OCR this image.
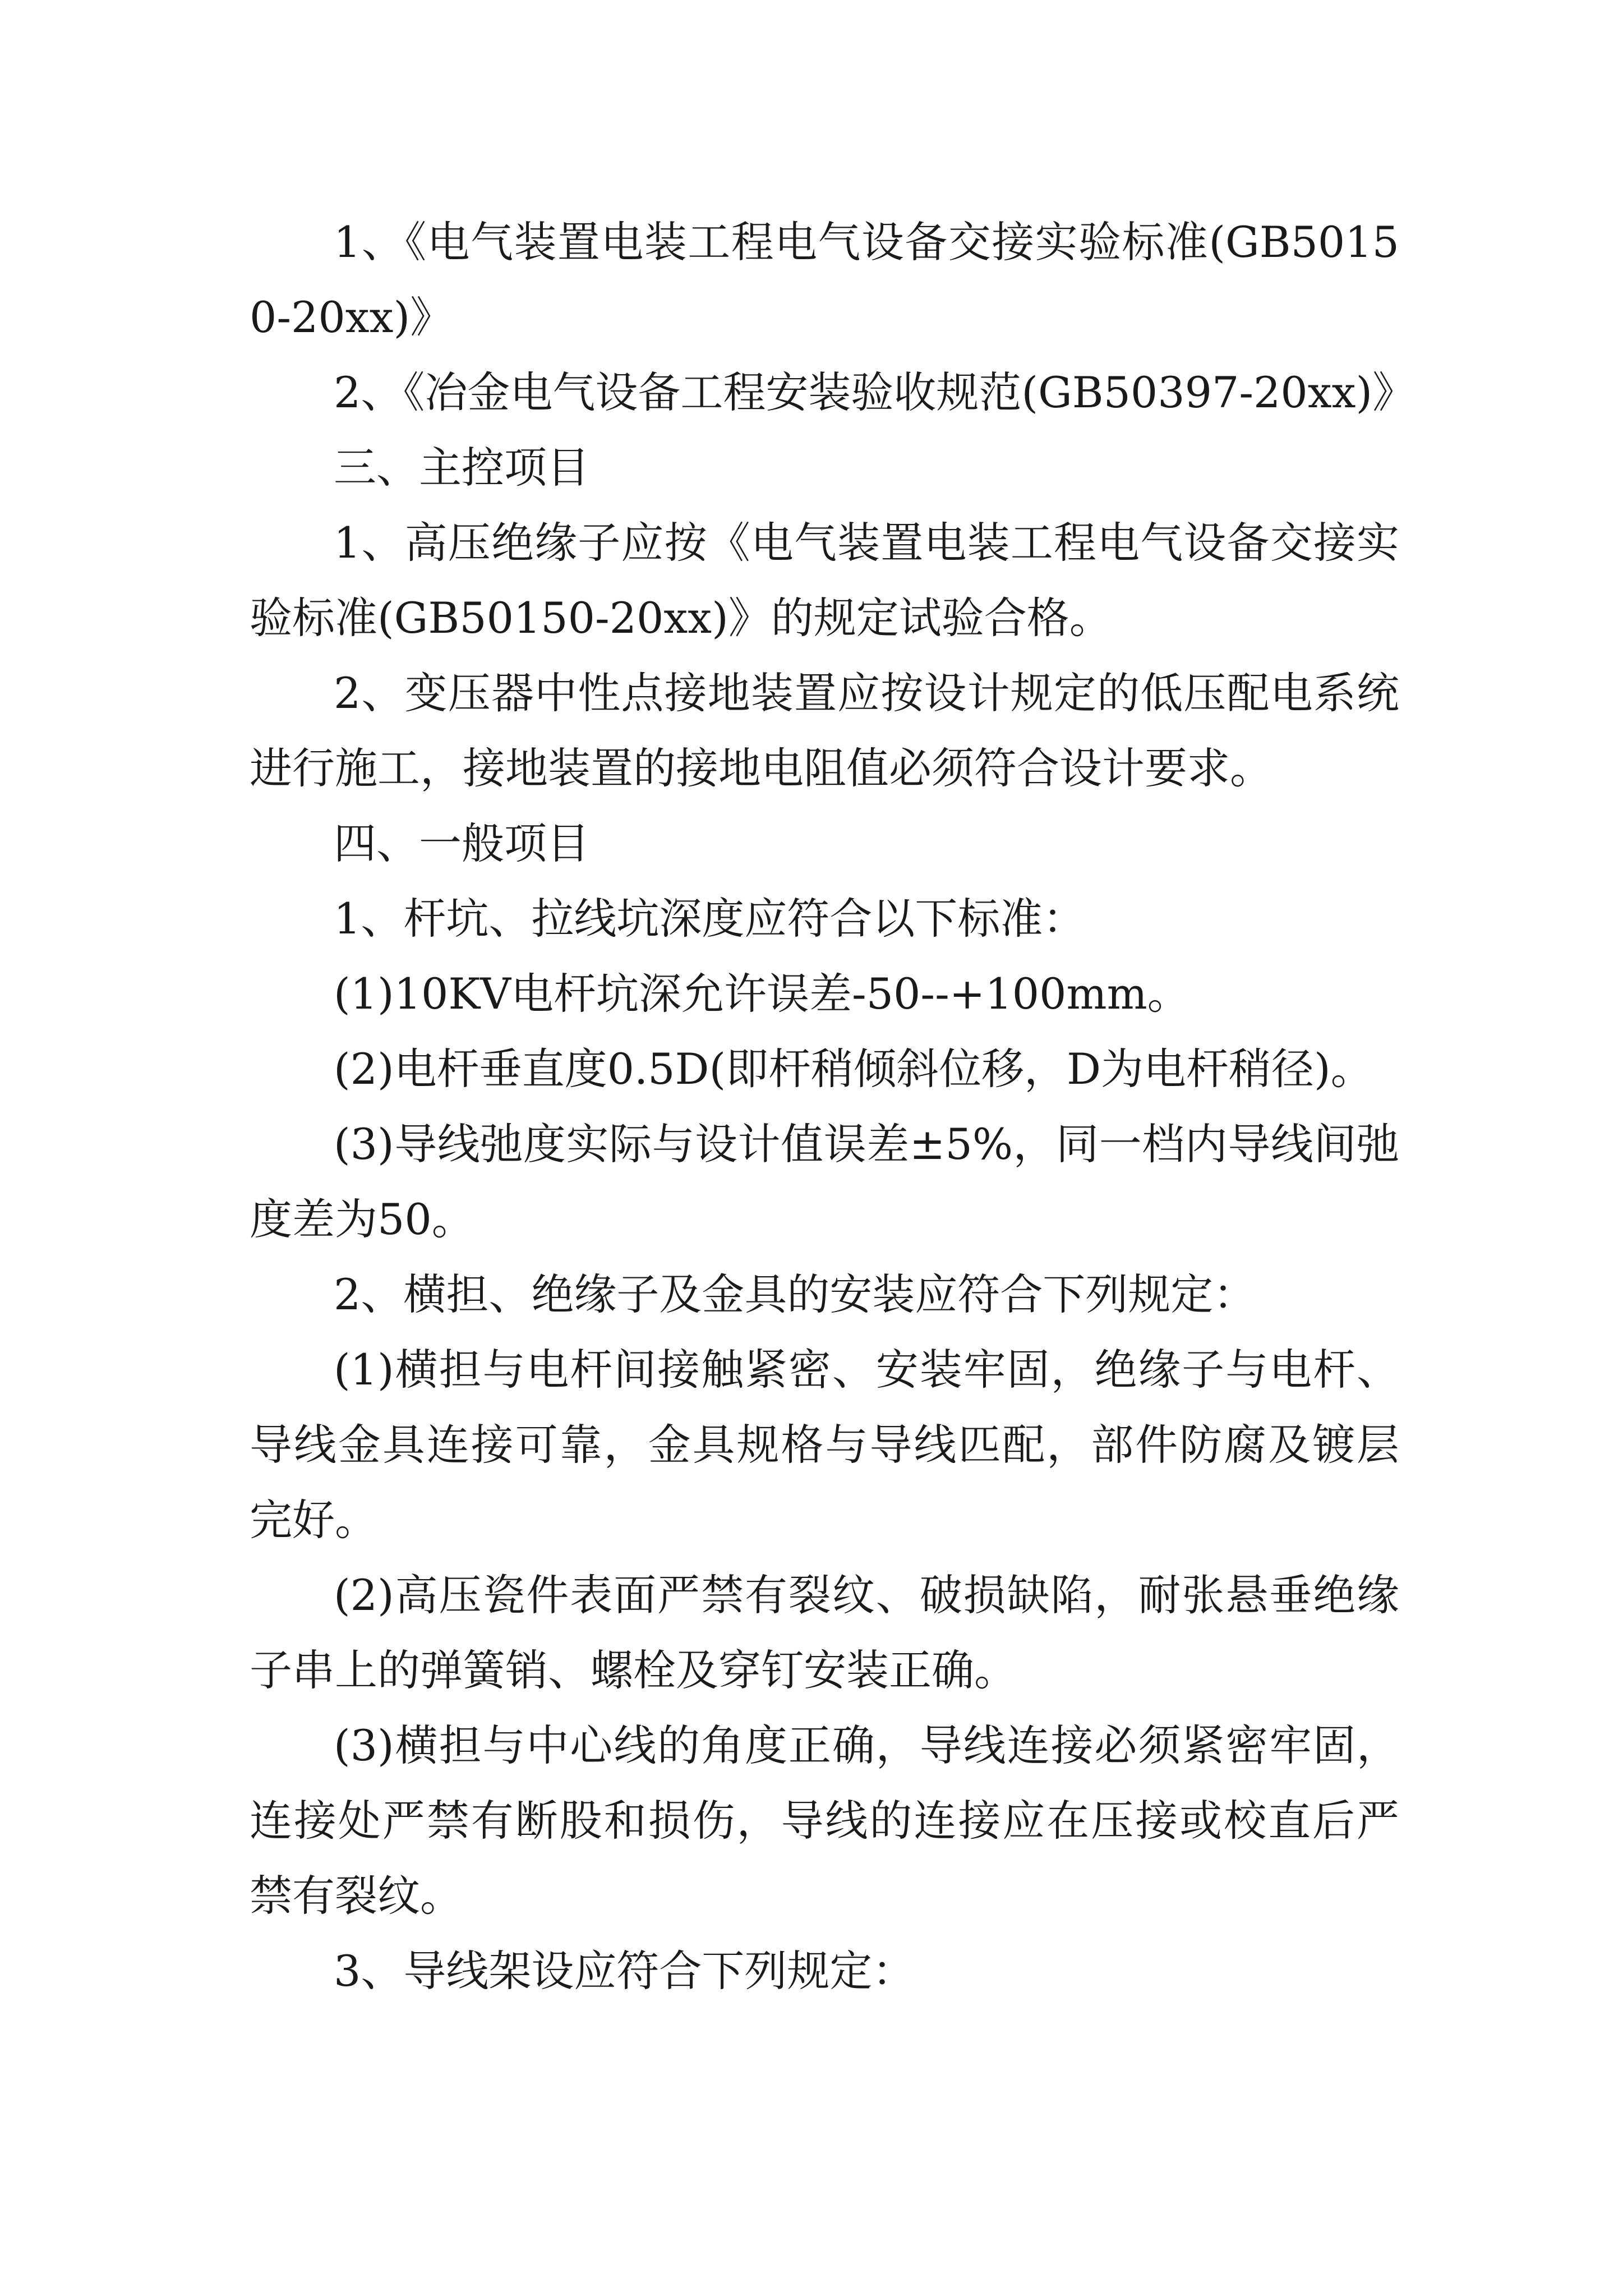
1、《电气装置电装工程电气设备交接实验标准(GB50150-20xx)》

2、《冶金电气设备工程安装验收规范(GB50397-20xx)》

三、主控项目

1、高压绝缘子应按《电气装置电装工程电气设备交接实验标准(GB50150-20xx)》的规定试验合格。

2、变压器中性点接地装置应按设计规定的低压配电系统进行施工，接地装置的接地电阻值必须符合设计要求。

四、一般项目

1、杆坑、拉线坑深度应符合以下标准：

(1)10KV电杆坑深允许误差-50--+100mm。

(2)电杆垂直度0.5D(即杆稍倾斜位移，D为电杆稍径)。

(3)导线弛度实际与设计值误差±5%，同一档内导线间弛度差为50。

2、横担、绝缘子及金具的安装应符合下列规定：

(1)横担与电杆间接触紧密、安装牢固，绝缘子与电杆、导线金具连接可靠，金具规格与导线匹配，部件防腐及镀层完好。

(2)高压瓷件表面严禁有裂纹、破损缺陷，耐张悬垂绝缘子串上的弹簧销、螺栓及穿钉安装正确。

(3)横担与中心线的角度正确，导线连接必须紧密牢固，连接处严禁有断股和损伤，导线的连接应在压接或校直后严禁有裂纹。

3、导线架设应符合下列规定：
